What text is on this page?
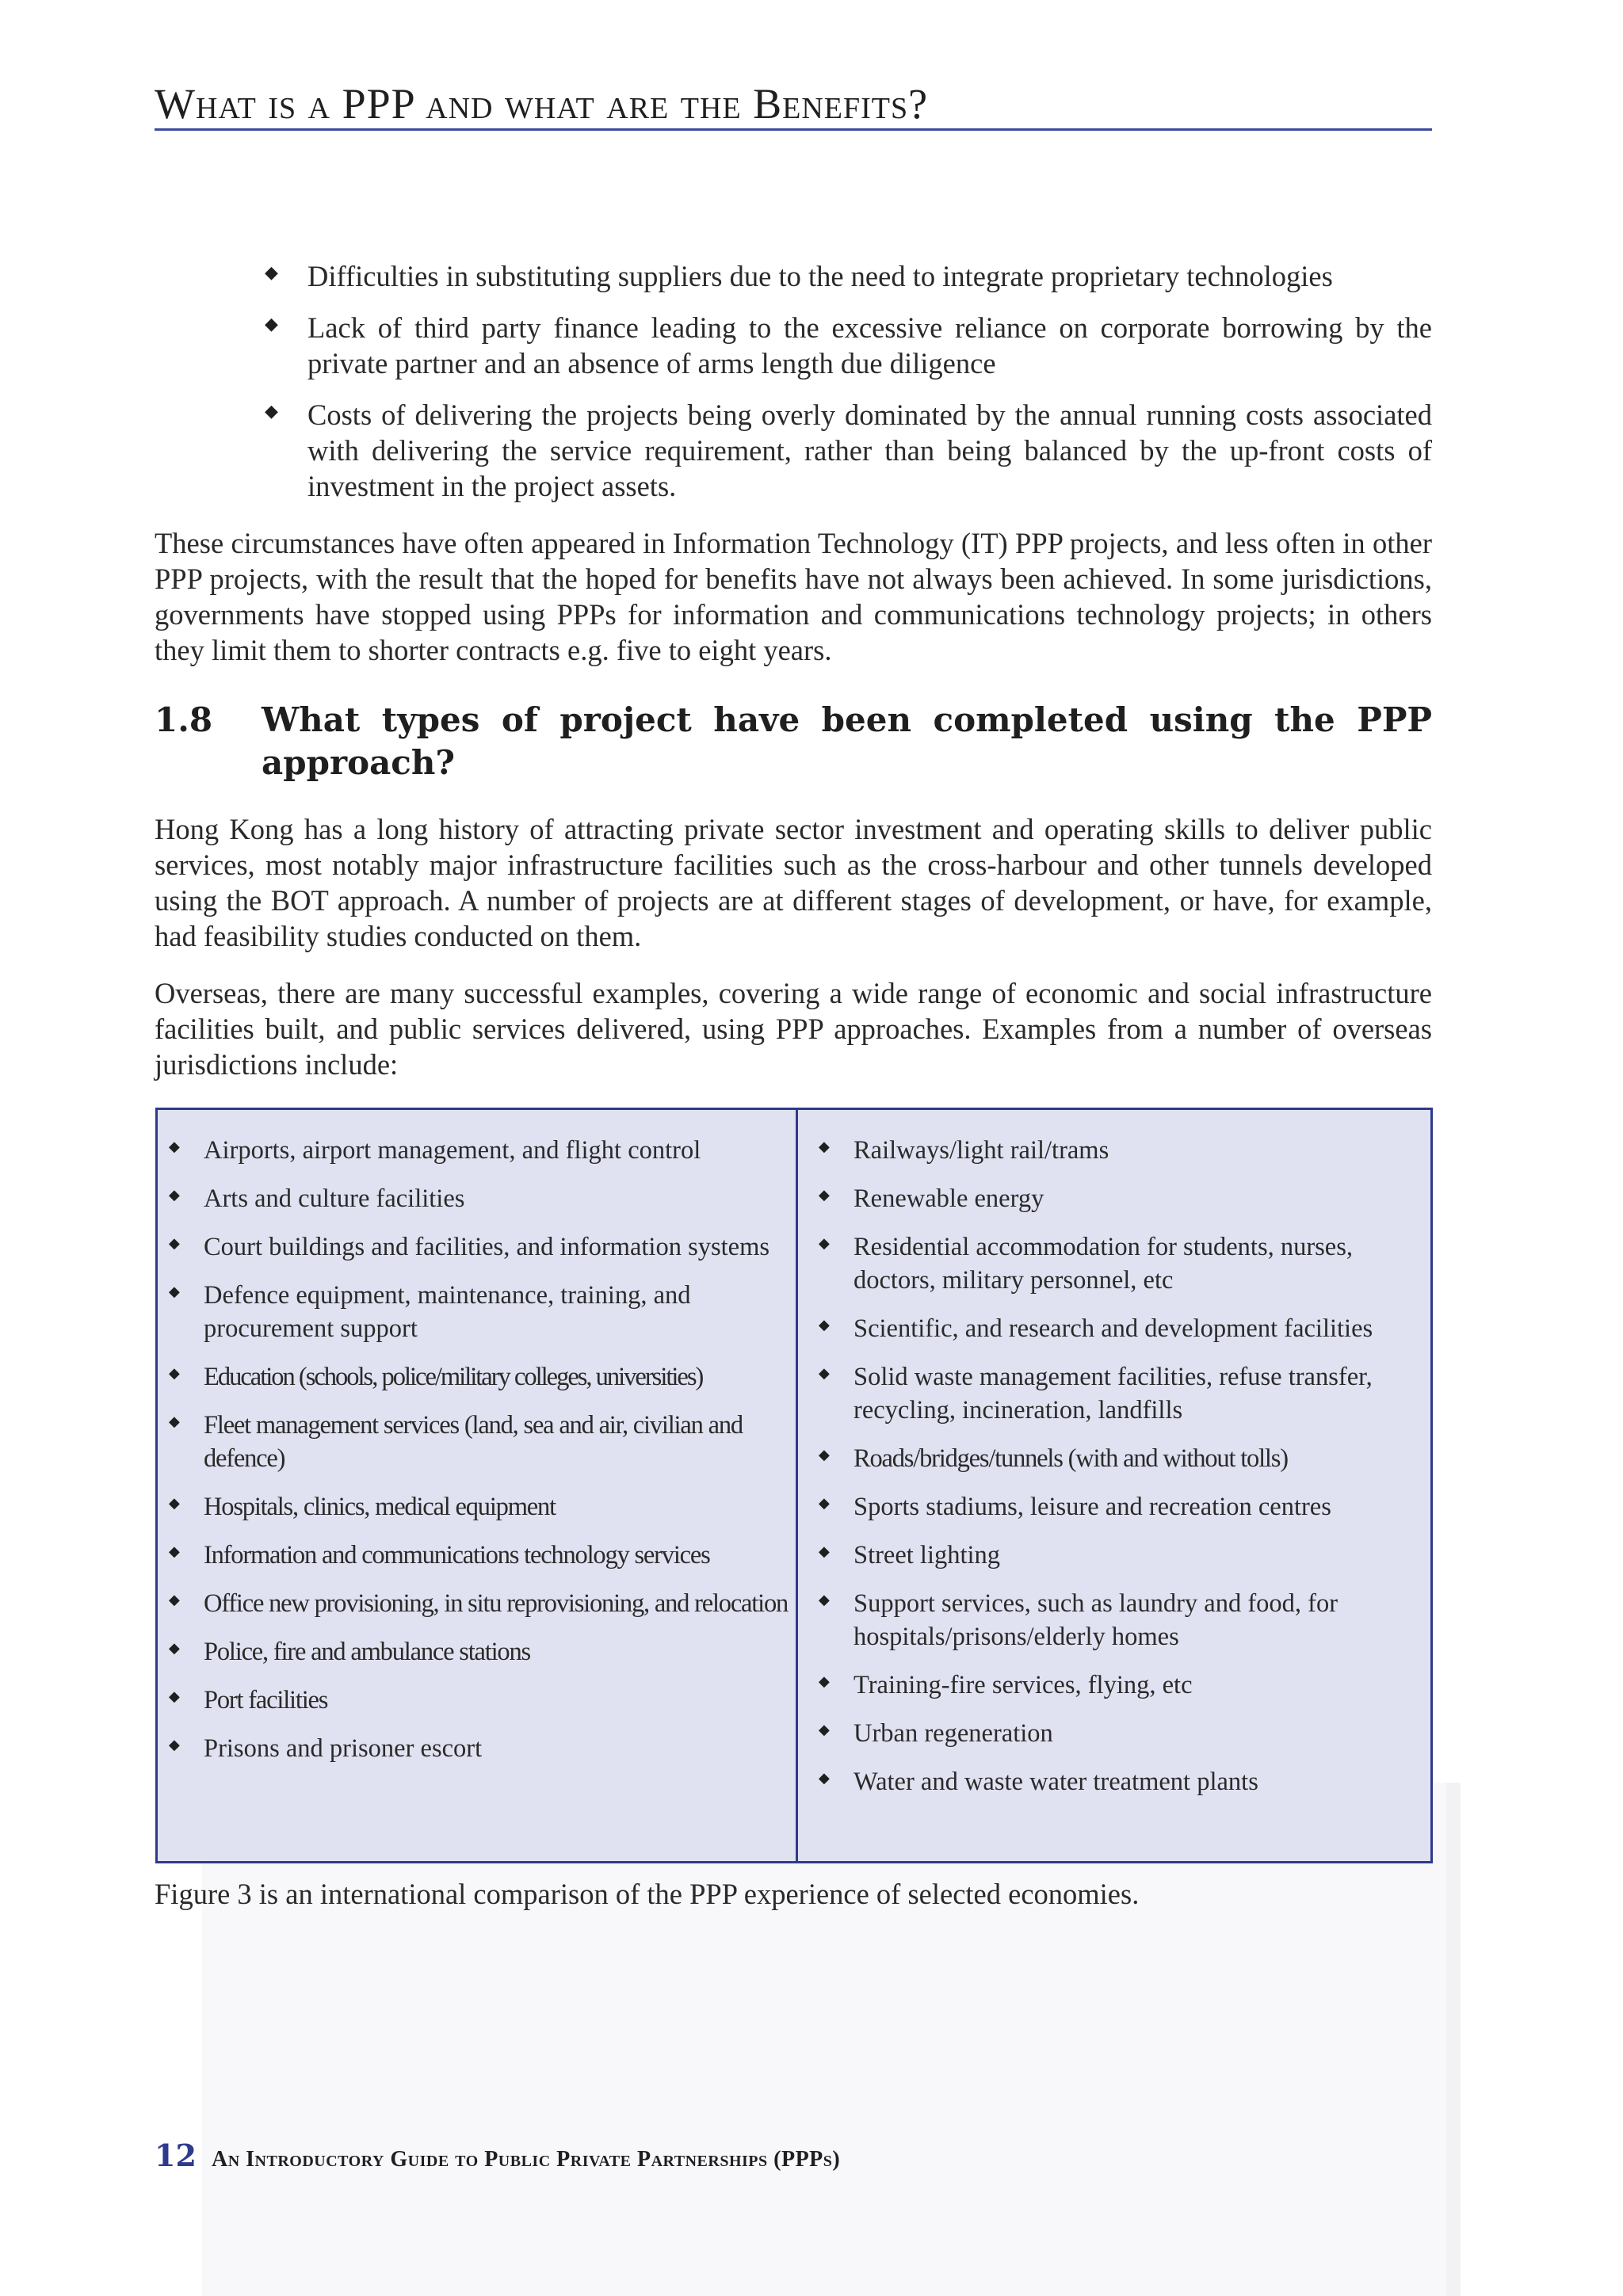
What is a PPP and what are the Benefits?
◆ Difficulties in substituting suppliers due to the need to integrate proprietary technologies
◆ Lack of third party finance leading to the excessive reliance on corporate borrowing by the private partner and an absence of arms length due diligence
◆ Costs of delivering the projects being overly dominated by the annual running costs associated with delivering the service requirement, rather than being balanced by the up-front costs of investment in the project assets.

These circumstances have often appeared in Information Technology (IT) PPP projects, and less often in other PPP projects, with the result that the hoped for benefits have not always been achieved. In some jurisdictions, governments have stopped using PPPs for information and communications technology projects; in others they limit them to shorter contracts e.g. five to eight years.

1.8 What types of project have been completed using the PPP approach?

Hong Kong has a long history of attracting private sector investment and operating skills to deliver public services, most notably major infrastructure facilities such as the cross-harbour and other tunnels developed using the BOT approach. A number of projects are at different stages of development, or have, for example, had feasibility studies conducted on them.

Overseas, there are many successful examples, covering a wide range of economic and social infrastructure facilities built, and public services delivered, using PPP approaches. Examples from a number of overseas jurisdictions include:

◆ Airports, airport management, and flight control
◆ Arts and culture facilities
◆ Court buildings and facilities, and information systems
◆ Defence equipment, maintenance, training, and procurement support
◆ Education (schools, police/military colleges, universities)
◆ Fleet management services (land, sea and air, civilian and defence)
◆ Hospitals, clinics, medical equipment
◆ Information and communications technology services
◆ Office new provisioning, in situ reprovisioning, and relocation
◆ Police, fire and ambulance stations
◆ Port facilities
◆ Prisons and prisoner escort
◆ Railways/light rail/trams
◆ Renewable energy
◆ Residential accommodation for students, nurses, doctors, military personnel, etc
◆ Scientific, and research and development facilities
◆ Solid waste management facilities, refuse transfer, recycling, incineration, landfills
◆ Roads/bridges/tunnels (with and without tolls)
◆ Sports stadiums, leisure and recreation centres
◆ Street lighting
◆ Support services, such as laundry and food, for hospitals/prisons/elderly homes
◆ Training-fire services, flying, etc
◆ Urban regeneration
◆ Water and waste water treatment plants

Figure 3 is an international comparison of the PPP experience of selected economies.

12 An Introductory Guide to Public Private Partnerships (PPPs)
